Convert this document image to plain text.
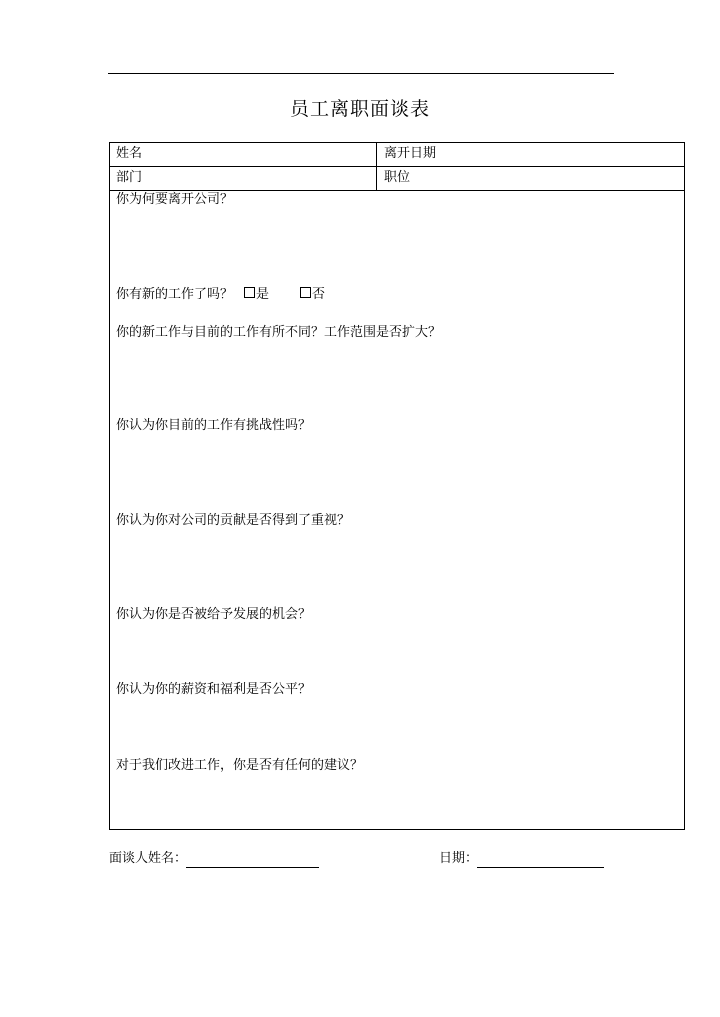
员工离职面谈表
姓名	离开日期
部门	职位
你为何要离开公司？
你有新的工作了吗？	是	否
你的新工作与目前的工作有所不同？工作范围是否扩大？
你认为你目前的工作有挑战性吗？
你认为你对公司的贡献是否得到了重视？
你认为你是否被给予发展的机会？
你认为你的薪资和福利是否公平？
对于我们改进工作，你是否有任何的建议？
面谈人姓名：	日期：
